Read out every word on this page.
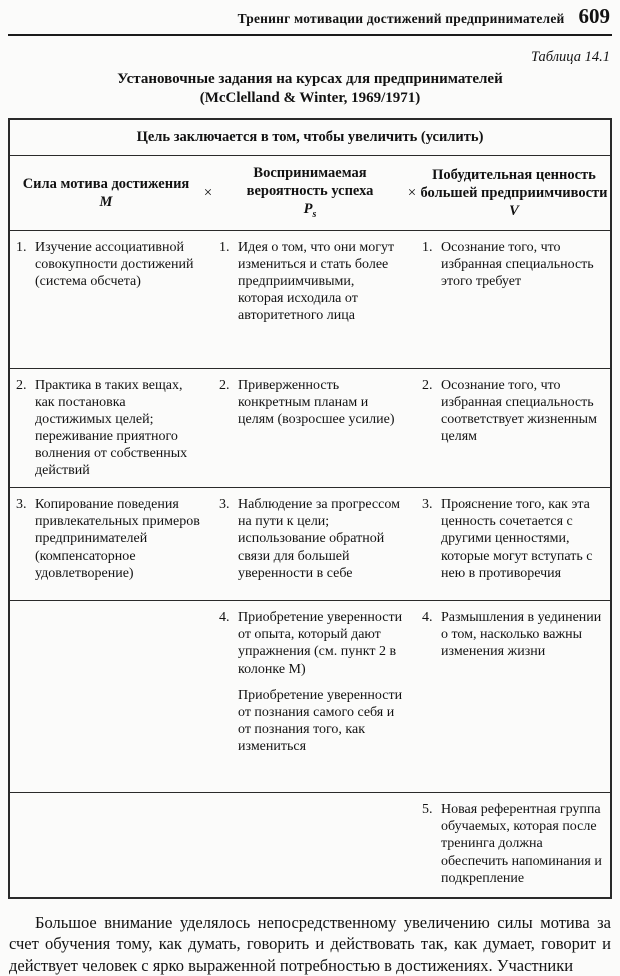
Тренинг мотивации достижений предпринимателей 609
Таблица 14.1
Установочные задания на курсах для предпринимателей
(McClelland & Winter, 1969/1971)
Цель заключается в том, чтобы увеличить (усилить)
Сила мотива достижения
М
×
Воспринимаемая вероятность успеха
$P_s$
×
Побудительная ценность большей предприимчивости
V
1. Изучение ассоциативной совокупности достижений (система обсчета)
1. Идея о том, что они могут измениться и стать более предприимчивыми, которая исходила от авторитетного лица
1. Осознание того, что избранная специальность этого требует
2. Практика в таких вещах, как постановка достижимых целей; переживание приятного волнения от собственных действий
2. Приверженность конкретным планам и целям (возросшее усилие)
2. Осознание того, что избранная специальность соответствует жизненным целям
3. Копирование поведения привлекательных примеров предпринимателей (компенсаторное удовлетворение)
3. Наблюдение за прогрессом на пути к цели; использование обратной связи для большей уверенности в себе
3. Прояснение того, как эта ценность сочетается с другими ценностями, которые могут вступать с нею в противоречия
4. Приобретение уверенности от опыта, который дают упражнения (см. пункт 2 в колонке М)
Приобретение уверенности от познания самого себя и от познания того, как измениться
4. Размышления в уединении о том, насколько важны изменения жизни
5. Новая референтная группа обучаемых, которая после тренинга должна обеспечить напоминания и подкрепление

Большое внимание уделялось непосредственному увеличению силы мотива за счет обучения тому, как думать, говорить и действовать так, как думает, говорит и действует человек с ярко выраженной потребностью в достижениях. Участники
